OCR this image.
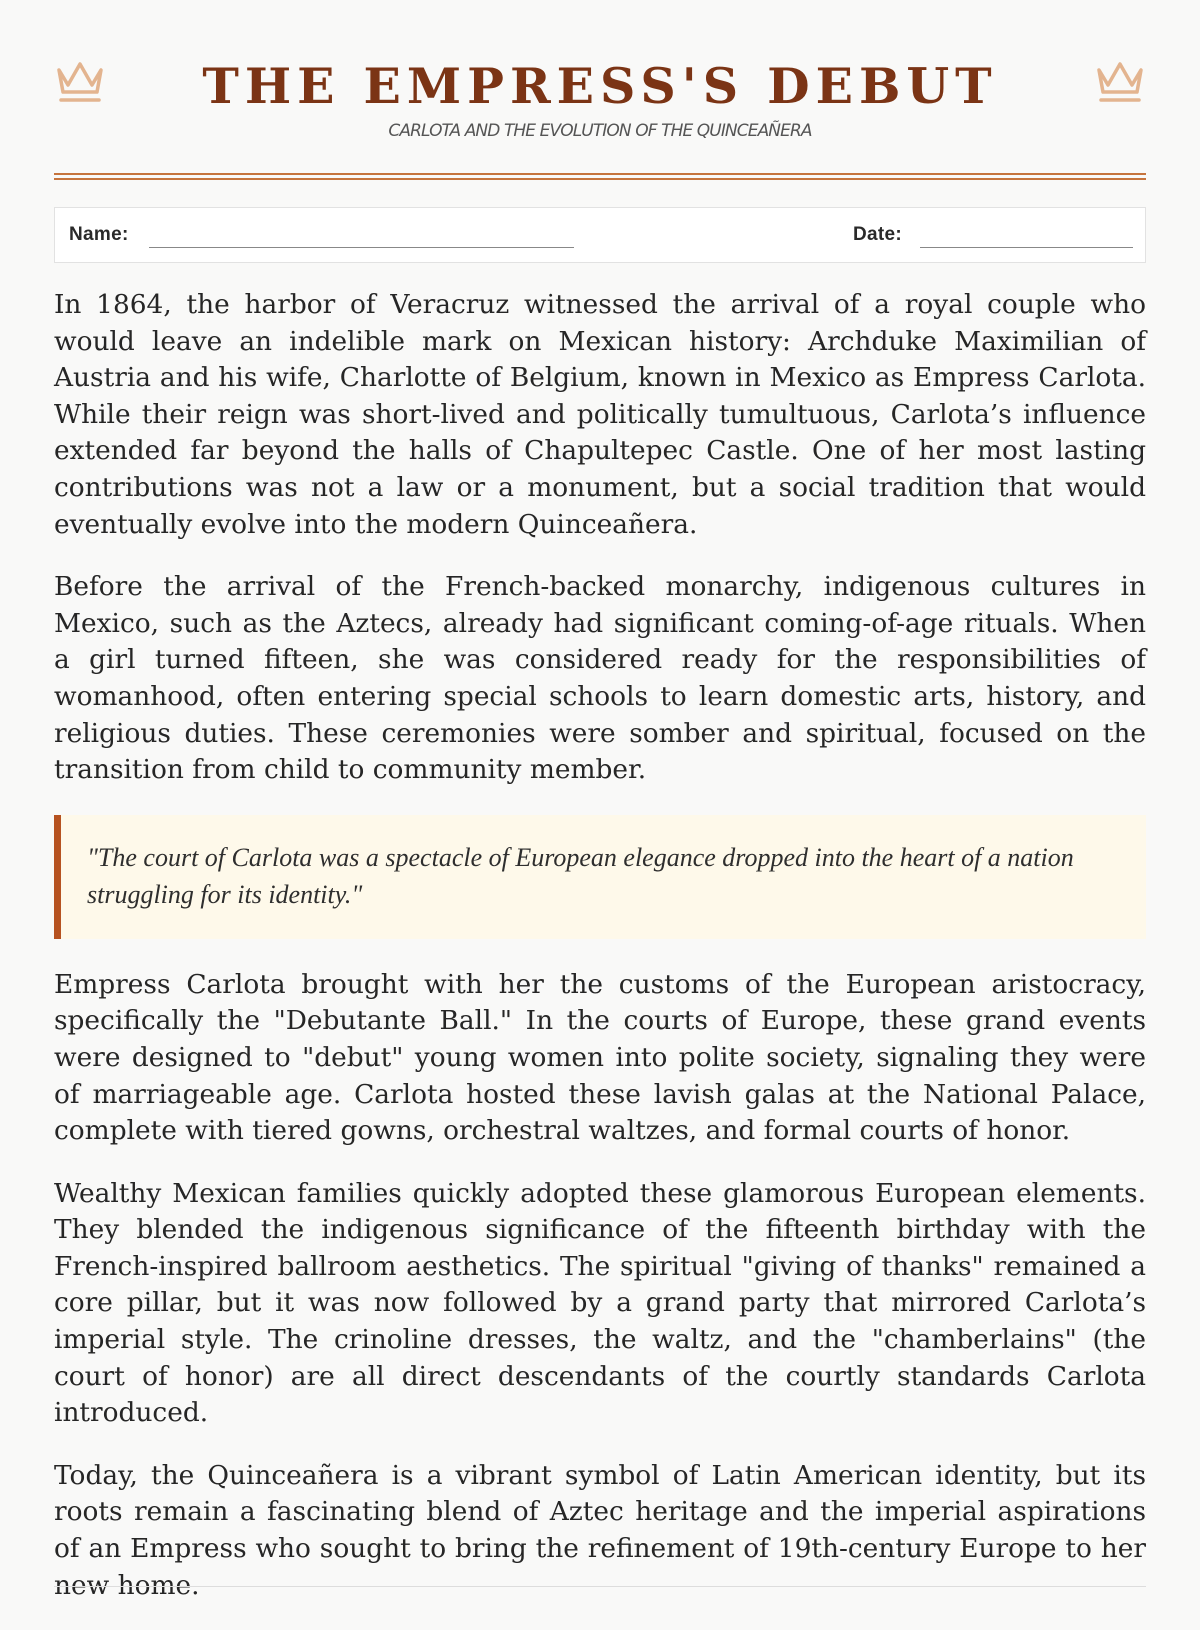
THE EMPRESS'S DEBUT
CARLOTA AND THE EVOLUTION OF THE QUINCEAÑERA
Name:	Date:

In 1864, the harbor of Veracruz witnessed the arrival of a royal couple who would leave an indelible mark on Mexican history: Archduke Maximilian of Austria and his wife, Charlotte of Belgium, known in Mexico as Empress Carlota. While their reign was short-lived and politically tumultuous, Carlota’s influence extended far beyond the halls of Chapultepec Castle. One of her most lasting contributions was not a law or a monument, but a social tradition that would eventually evolve into the modern Quinceañera.

Before the arrival of the French-backed monarchy, indigenous cultures in Mexico, such as the Aztecs, already had significant coming-of-age rituals. When a girl turned fifteen, she was considered ready for the responsibilities of womanhood, often entering special schools to learn domestic arts, history, and religious duties. These ceremonies were somber and spiritual, focused on the transition from child to community member.

"The court of Carlota was a spectacle of European elegance dropped into the heart of a nation struggling for its identity."

Empress Carlota brought with her the customs of the European aristocracy, specifically the "Debutante Ball." In the courts of Europe, these grand events were designed to "debut" young women into polite society, signaling they were of marriageable age. Carlota hosted these lavish galas at the National Palace, complete with tiered gowns, orchestral waltzes, and formal courts of honor.

Wealthy Mexican families quickly adopted these glamorous European elements. They blended the indigenous significance of the fifteenth birthday with the French-inspired ballroom aesthetics. The spiritual "giving of thanks" remained a core pillar, but it was now followed by a grand party that mirrored Carlota’s imperial style. The crinoline dresses, the waltz, and the "chamberlains" (the court of honor) are all direct descendants of the courtly standards Carlota introduced.

Today, the Quinceañera is a vibrant symbol of Latin American identity, but its roots remain a fascinating blend of Aztec heritage and the imperial aspirations of an Empress who sought to bring the refinement of 19th-century Europe to her new home.
